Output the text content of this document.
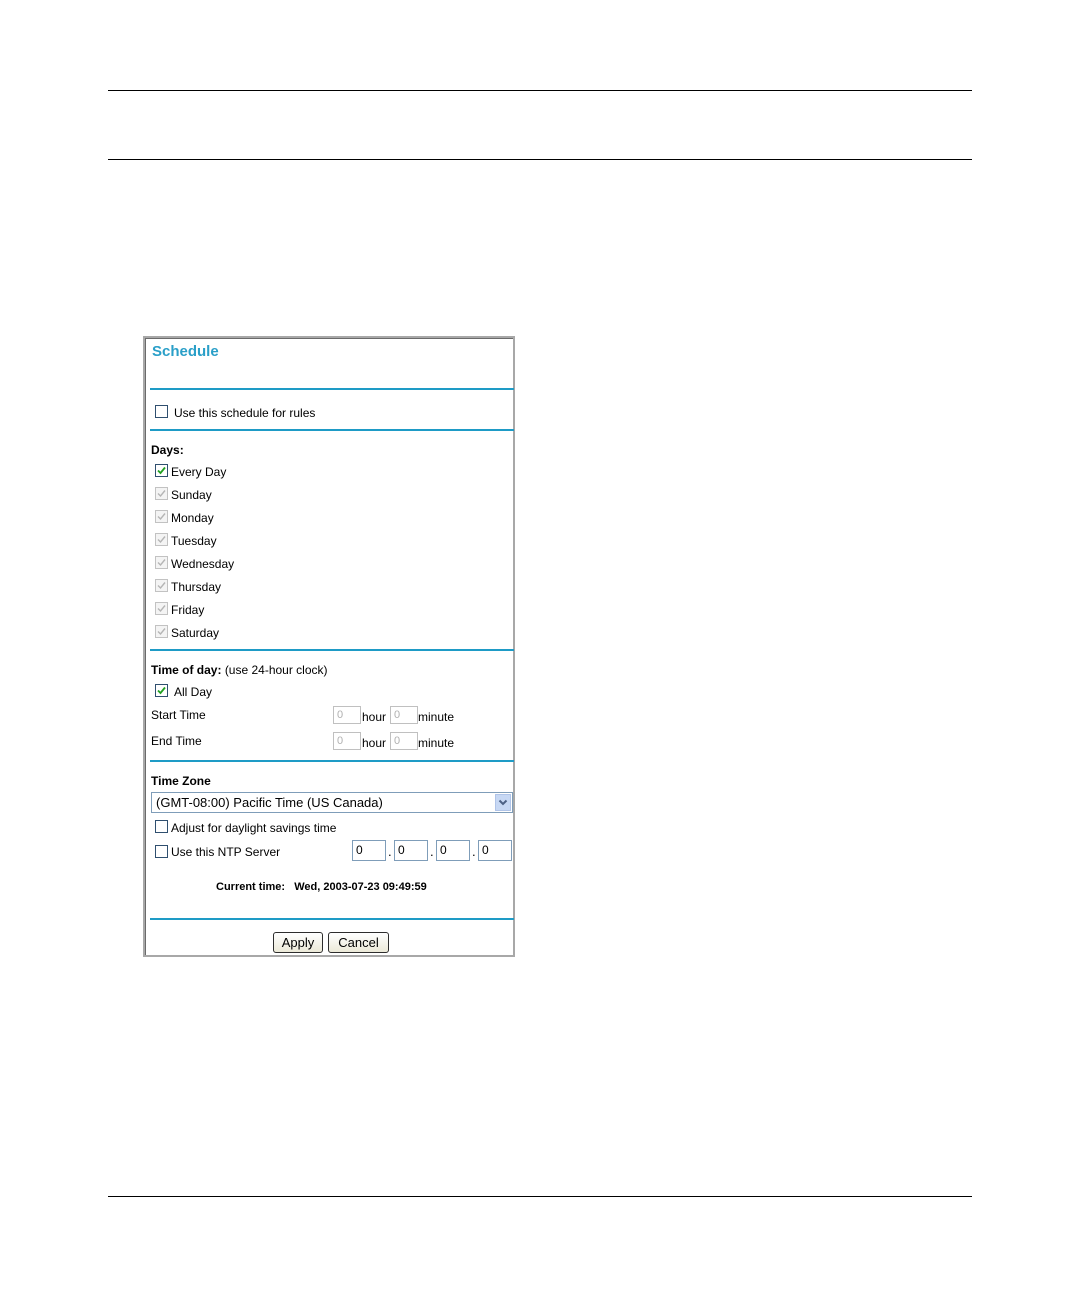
Schedule
Use this schedule for rules
Days:
Every Day
Sunday
Monday
Tuesday
Wednesday
Thursday
Friday
Saturday
Time of day: (use 24-hour clock)
All Day
Start Time	0	hour 0	minute
End Time	0	hour 0	minute
Time Zone
(GMT-08:00) Pacific Time (US Canada)
Adjust for daylight savings time
Use this NTP Server	0	. 0	. 0	. 0
Current time: Wed, 2003-07-23 09:49:59
Apply	Cancel
